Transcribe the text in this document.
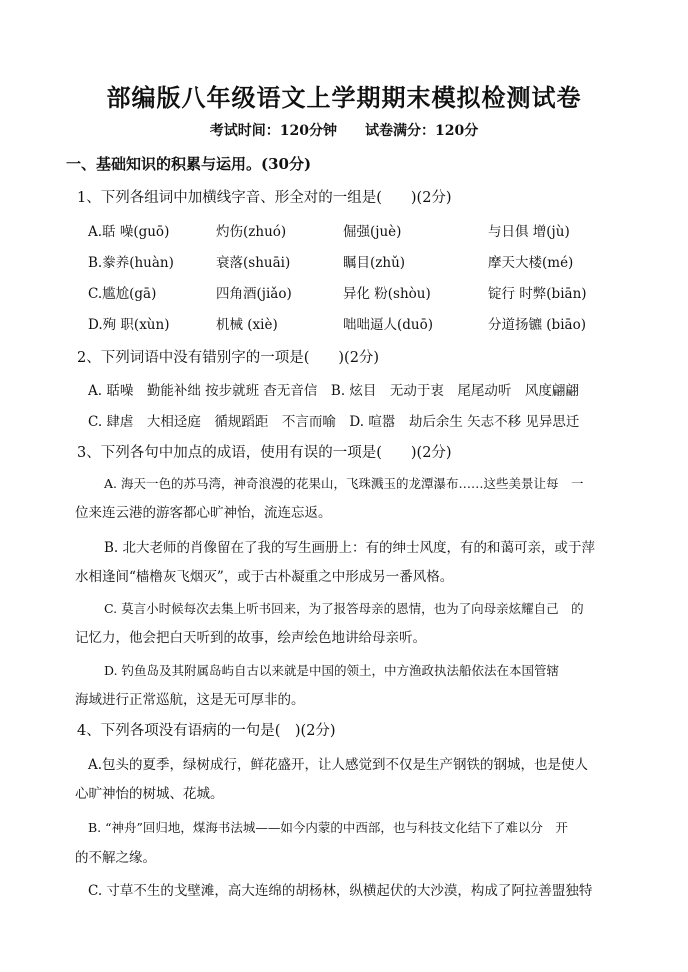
部编版八年级语文上学期期末模拟检测试卷
考试时间：120分钟 试卷满分：120分
一、基础知识的积累与运用。(30分)
1、下列各组词中加横线字音、形全对的一组是(　　)(2分)
A.聒 噪(guō)	灼伤(zhuó)	倔强(juè)	与日俱 增(jù)
B.豢养(huàn)	衰落(shuāi)	瞩目(zhǔ)	摩天大楼(mé)
C.尴尬(gā)	四角酒(jiǎo)	异化 粉(shòu)	锭行 时弊(biān)
D.殉 职(xùn)	机械 (xiè)	咄咄逼人(duō)	分道扬镳 (biāo)
2、下列词语中没有错别字的一项是(　　)(2分)
A. 聒噪　勤能补绌 按步就班 杳无音信　B. 炫目　无动于衷　尾尾动听　风度翩翩
C. 肆虐　大相迳庭　循规蹈距　不言而喻　D. 喧嚣　劫后余生 矢志不移 见异思迁
3、下列各句中加点的成语，使用有误的一项是(　　)(2分)
A. 海天一色的苏马湾，神奇浪漫的花果山，飞珠溅玉的龙潭瀑布……这些美景让每　一
位来连云港的游客都心旷神怡，流连忘返。
B. 北大老师的肖像留在了我的写生画册上：有的绅士风度，有的和蔼可亲，或于萍
水相逢间“樯橹灰飞烟灭”，或于古朴凝重之中形成另一番风格。
C. 莫言小时候每次去集上听书回来，为了报答母亲的恩情，也为了向母亲炫耀自己　的
记忆力，他会把白天听到的故事，绘声绘色地讲给母亲听。
D. 钓鱼岛及其附属岛屿自古以来就是中国的领土，中方渔政执法船依法在本国管辖
海域进行正常巡航，这是无可厚非的。
4、下列各项没有语病的一句是(　)(2分)
A.包头的夏季，绿树成行，鲜花盛开，让人感觉到不仅是生产钢铁的钢城，也是使人
心旷神怡的树城、花城。
B. “神舟”回归地，煤海书法城——如今内蒙的中西部，也与科技文化结下了难以分　开
的不解之缘。
C. 寸草不生的戈壁滩，高大连绵的胡杨林，纵横起伏的大沙漠，构成了阿拉善盟独特
